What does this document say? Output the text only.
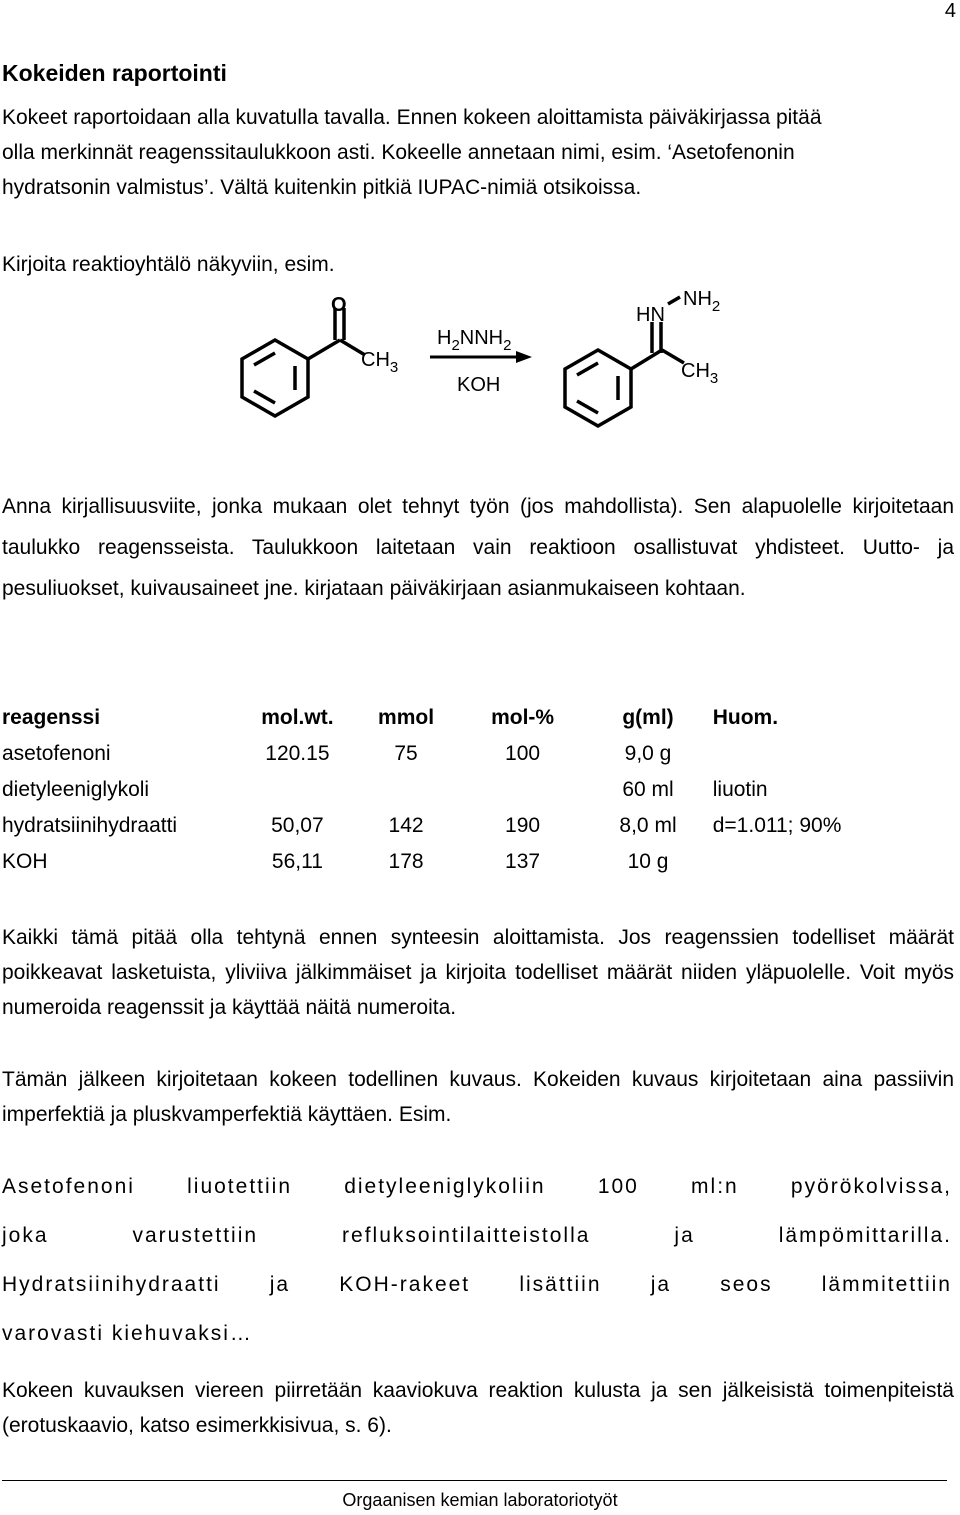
4
Kokeiden raportointi
Kokeet raportoidaan alla kuvatulla tavalla. Ennen kokeen aloittamista päiväkirjassa pitää
olla merkinnät reagenssitaulukkoon asti. Kokeelle annetaan nimi, esim. ‘Asetofenonin
hydratsonin valmistus’. Vältä kuitenkin pitkiä IUPAC-nimiä otsikoissa.
Kirjoita reaktioyhtälö näkyviin, esim.
O
$CH_3$
$H_2NNH_2$
KOH
HN
$NH_2$
$CH_3$

Anna kirjallisuusviite, jonka mukaan olet tehnyt työn (jos mahdollista). Sen alapuolelle kirjoitetaan taulukko reagensseista. Taulukkoon laitetaan vain reaktioon osallistuvat yhdisteet. Uutto- ja pesuliuokset, kuivausaineet jne. kirjataan päiväkirjaan asianmukaiseen kohtaan.

reagenssi	mol.wt.	mmol	mol-%	g(ml)	Huom.
asetofenoni	120.15	75	100	9,0 g	
dietyleeniglykoli				60 ml	liuotin
hydratsiinihydraatti	50,07	142	190	8,0 ml	d=1.011; 90%
KOH	56,11	178	137	10 g	

Kaikki tämä pitää olla tehtynä ennen synteesin aloittamista. Jos reagenssien todelliset määrät poikkeavat lasketuista, yliviiva jälkimmäiset ja kirjoita todelliset määrät niiden yläpuolelle. Voit myös numeroida reagenssit ja käyttää näitä numeroita.

Tämän jälkeen kirjoitetaan kokeen todellinen kuvaus. Kokeiden kuvaus kirjoitetaan aina passiivin imperfektiä ja pluskvamperfektiä käyttäen. Esim.

Asetofenoni liuotettiin dietyleeniglykoliin 100 ml:n pyörökolvissa,
joka	varustettiin	refluksointilaitteistolla	ja	lämpömittarilla.
Hydratsiinihydraatti ja KOH-rakeet lisättiin ja seos lämmitettiin
varovasti kiehuvaksi…

Kokeen kuvauksen viereen piirretään kaaviokuva reaktion kulusta ja sen jälkeisistä toimenpiteistä (erotuskaavio, katso esimerkkisivua, s. 6).

Orgaanisen kemian laboratoriotyöt
